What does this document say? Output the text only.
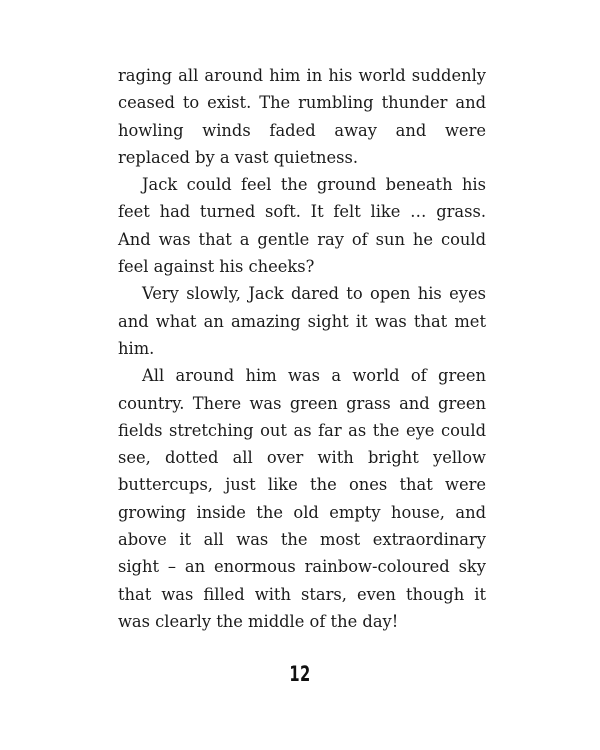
raging all around him in his world suddenly ceased to exist. The rumbling thunder and howling winds faded away and were replaced by a vast quietness.

Jack could feel the ground beneath his feet had turned soft. It felt like … grass. And was that a gentle ray of sun he could feel against his cheeks?

Very slowly, Jack dared to open his eyes and what an amazing sight it was that met him.

All around him was a world of green country. There was green grass and green fields stretching out as far as the eye could see, dotted all over with bright yellow buttercups, just like the ones that were growing inside the old empty house, and above it all was the most extraordinary sight – an enormous rainbow-coloured sky that was filled with stars, even though it was clearly the middle of the day!

12
